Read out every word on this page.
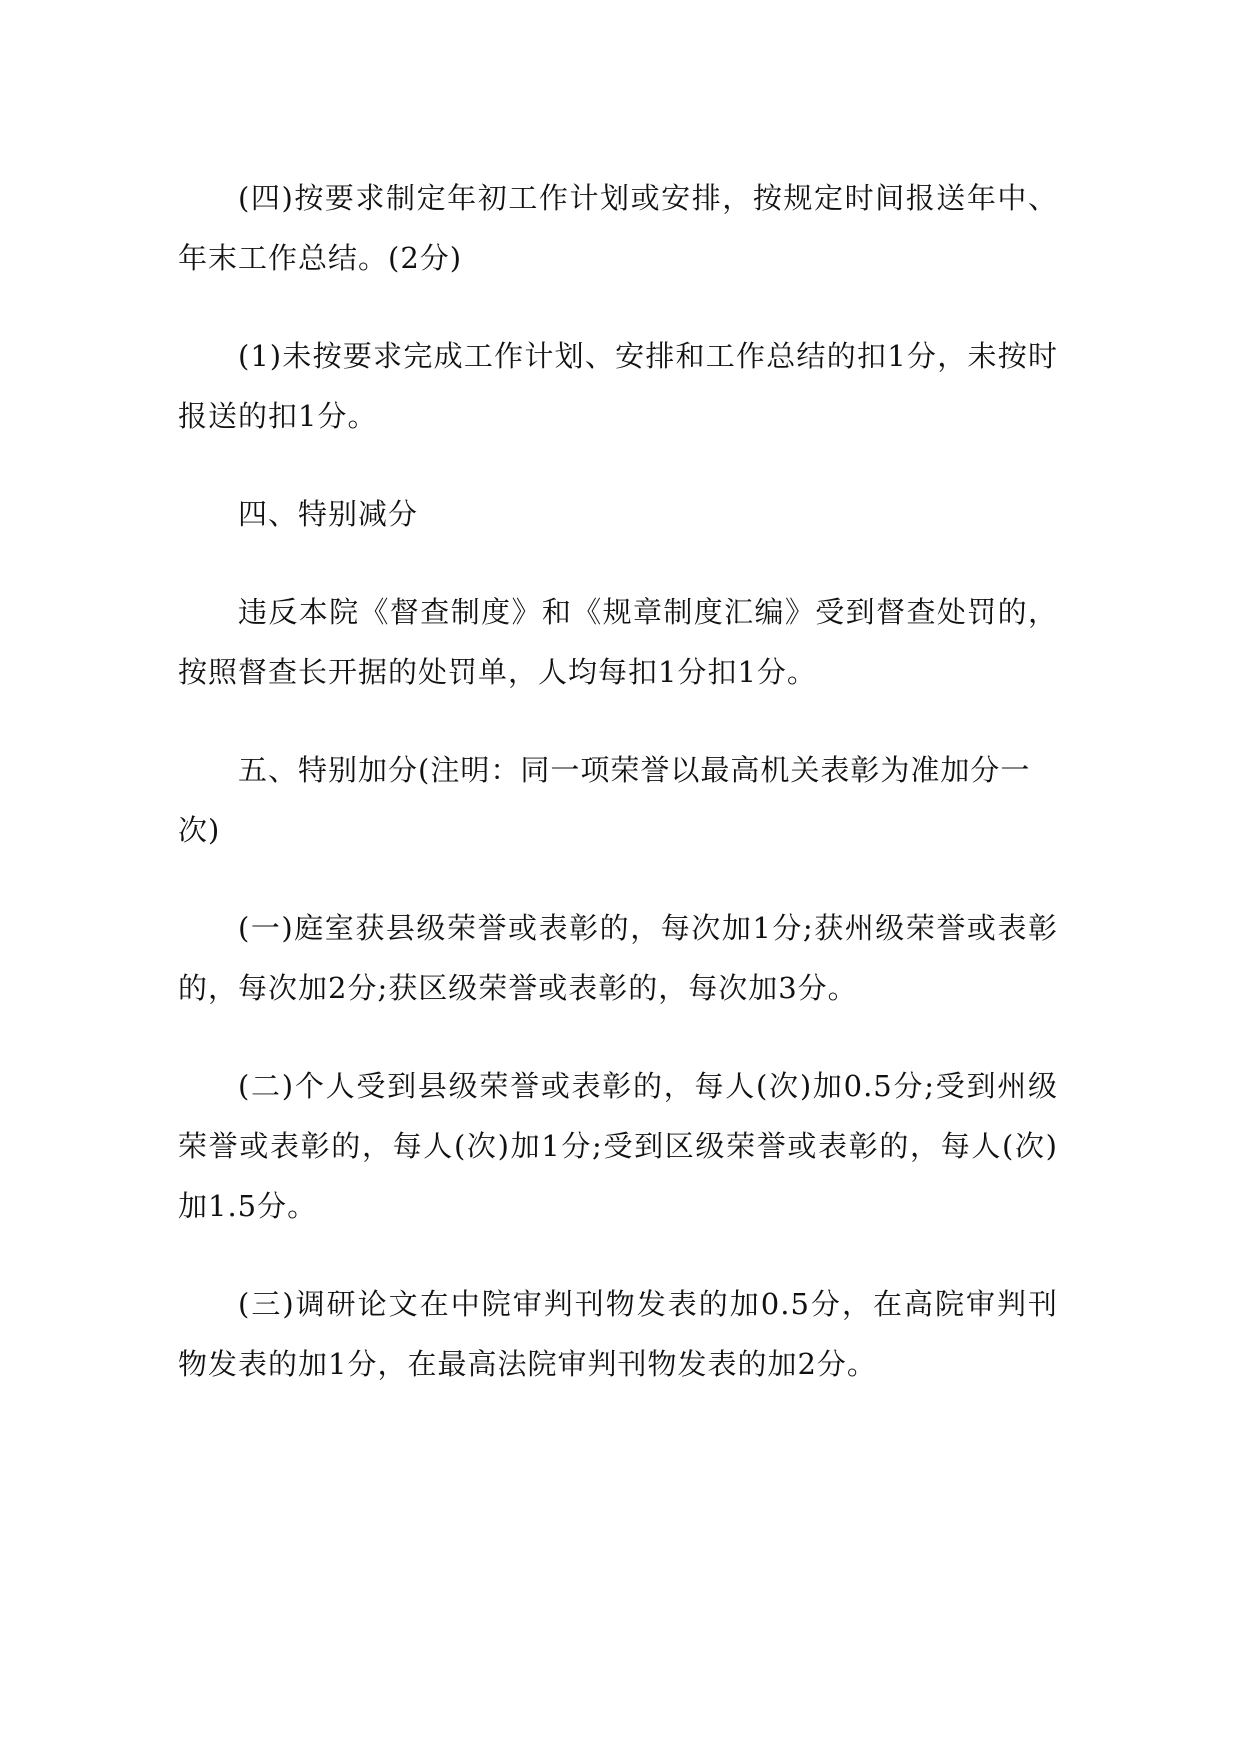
(四)按要求制定年初工作计划或安排，按规定时间报送年中、年末工作总结。(2分)

(1)未按要求完成工作计划、安排和工作总结的扣1分，未按时报送的扣1分。

四、特别减分

违反本院《督查制度》和《规章制度汇编》受到督查处罚的，按照督查长开据的处罚单，人均每扣1分扣1分。

五、特别加分(注明：同一项荣誉以最高机关表彰为准加分一次)

(一)庭室获县级荣誉或表彰的，每次加1分;获州级荣誉或表彰的，每次加2分;获区级荣誉或表彰的，每次加3分。

(二)个人受到县级荣誉或表彰的，每人(次)加0.5分;受到州级荣誉或表彰的，每人(次)加1分;受到区级荣誉或表彰的，每人(次)加1.5分。

(三)调研论文在中院审判刊物发表的加0.5分，在高院审判刊物发表的加1分，在最高法院审判刊物发表的加2分。
